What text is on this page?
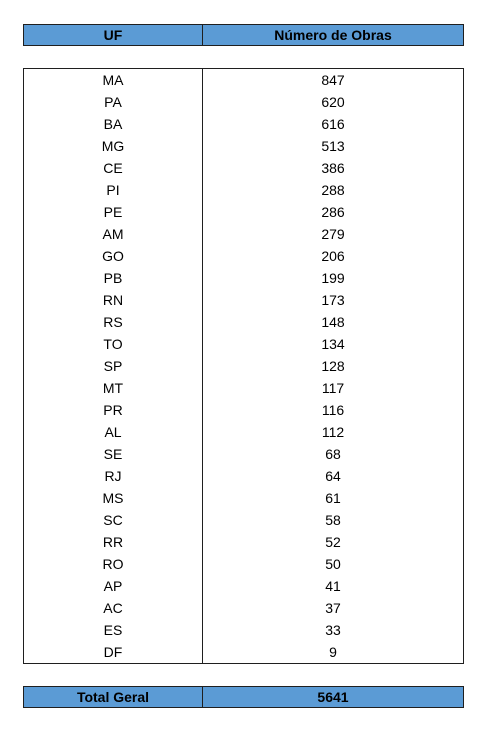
UF	Número de Obras

MA	847
PA	620
BA	616
MG	513
CE	386
PI	288
PE	286
AM	279
GO	206
PB	199
RN	173
RS	148
TO	134
SP	128
MT	117
PR	116
AL	112
SE	68
RJ	64
MS	61
SC	58
RR	52
RO	50
AP	41
AC	37
ES	33
DF	9

Total Geral	5641
